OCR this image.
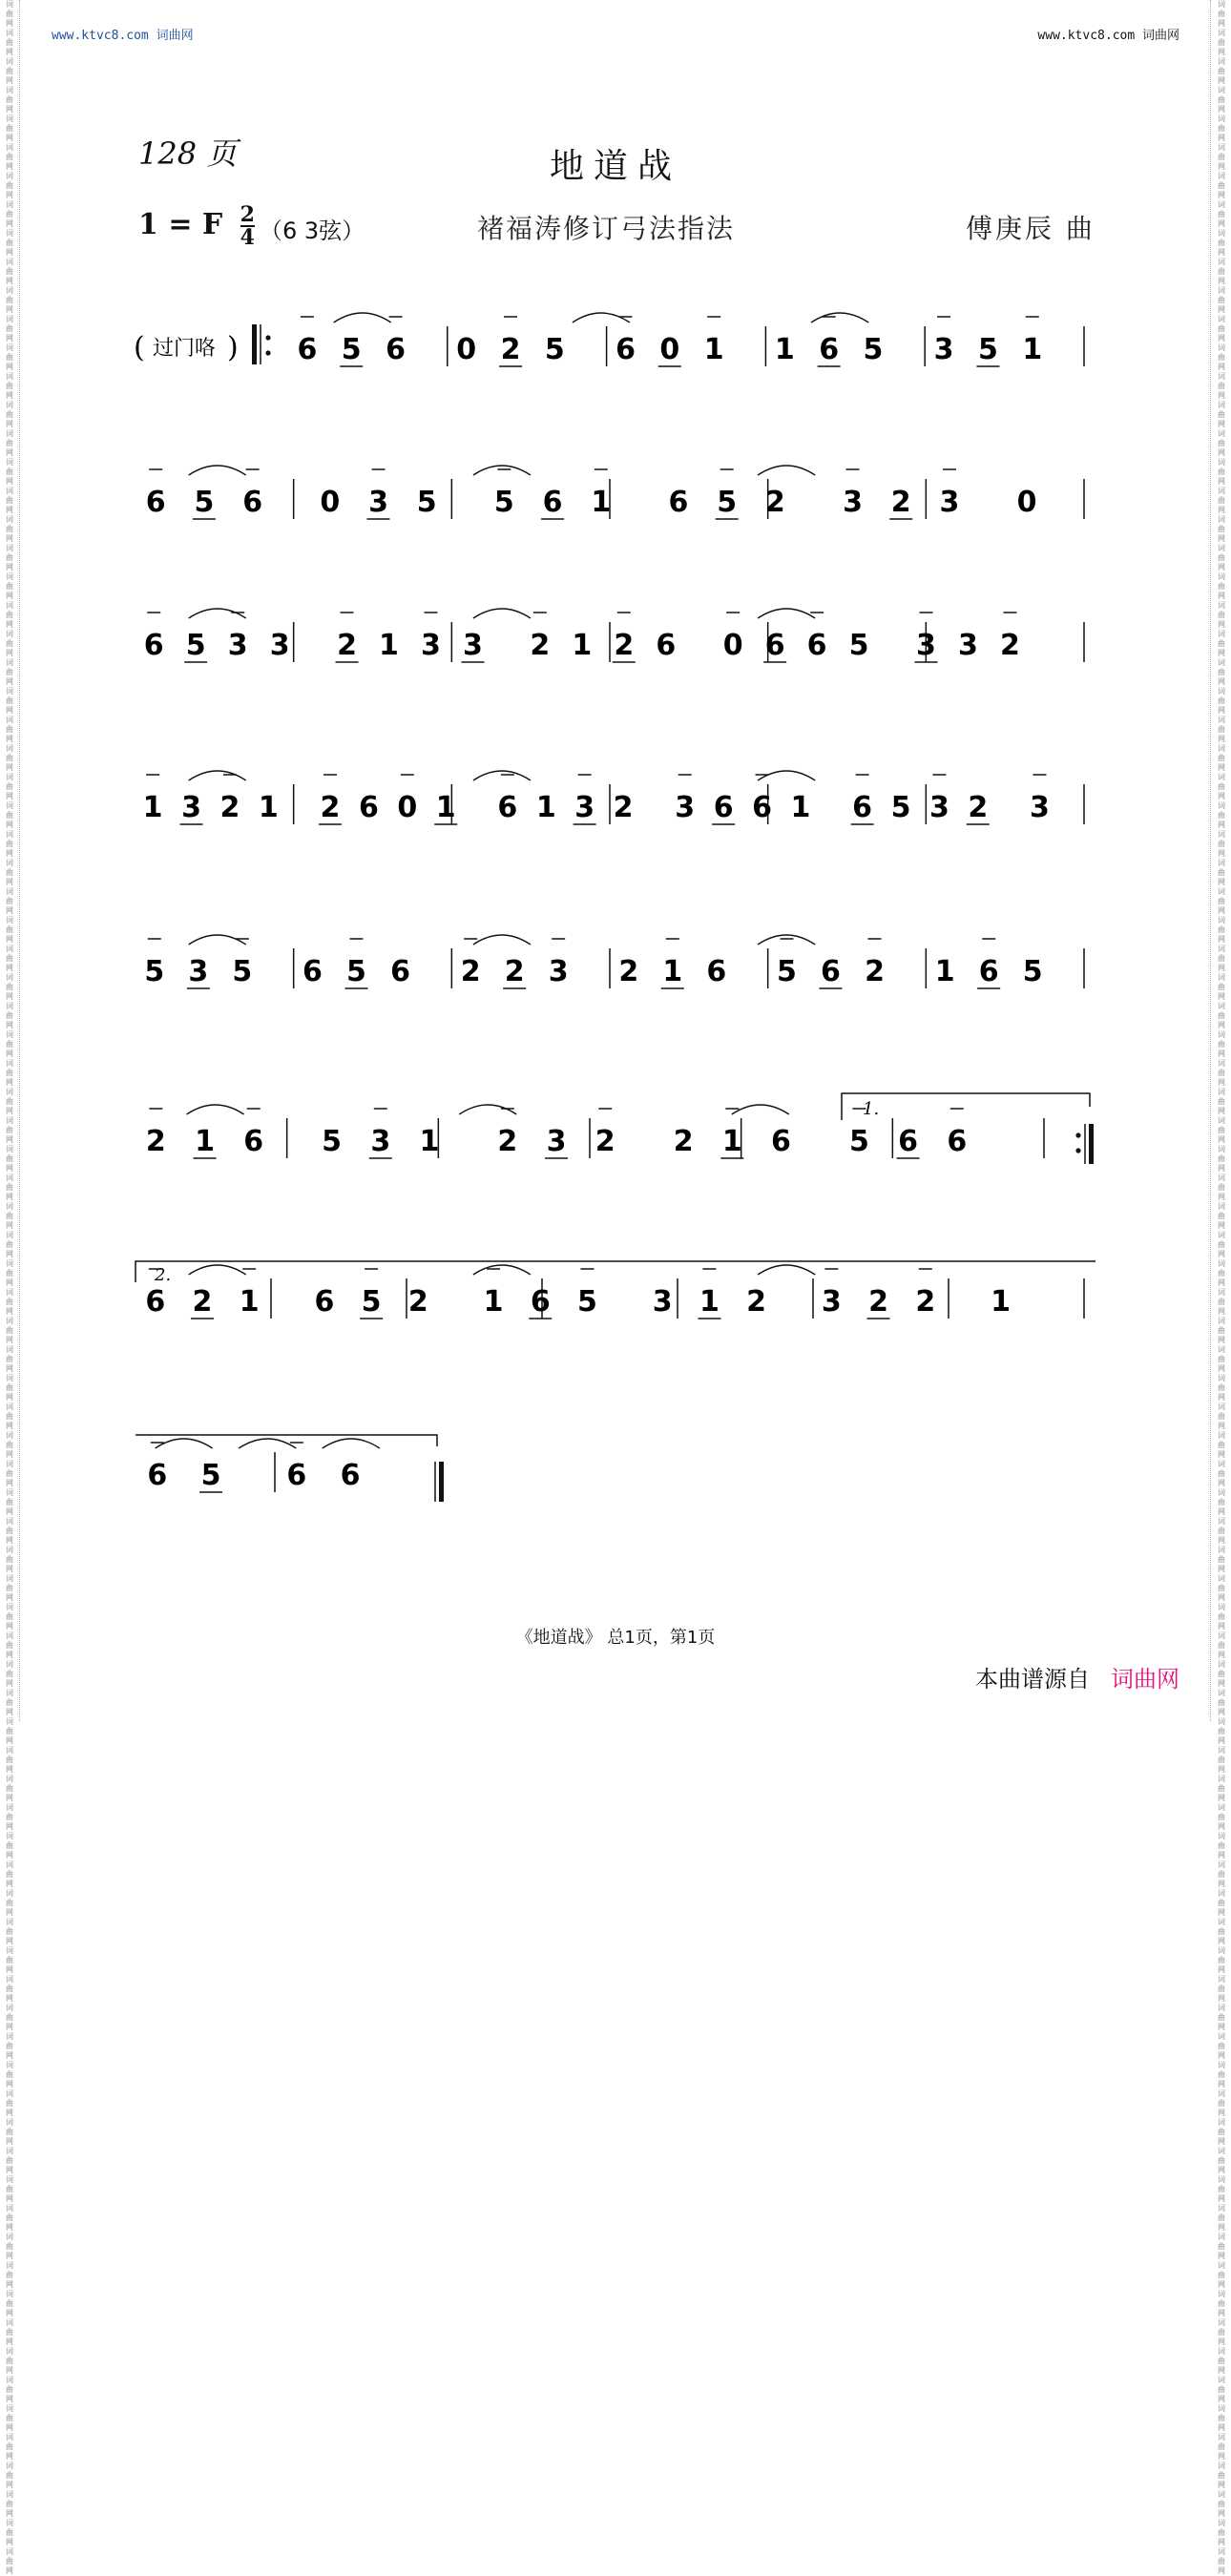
词
曲
网
词
曲
网
词
曲
网
词
曲
网
词
曲
网
词
曲
网
词
曲
网
词
曲
网
词
曲
网
词
曲
网
词
曲
网
词
曲
网
词
曲
网
词
曲
网
词
曲
网
词
曲
网
词
曲
网
词
曲
网
词
曲
网
词
曲
网
词
曲
网
词
曲
网
词
曲
网
词
曲
网
词
曲
网
词
曲
网
词
曲
网
词
曲
网
词
曲
网
词
曲
网
词
曲
网
词
曲
网
词
曲
网
词
曲
网
词
曲
网
词
曲
网
词
曲
网
词
曲
网
词
曲
网
词
曲
网
词
曲
网
词
曲
网
词
曲
网
词
曲
网
词
曲
网
词
曲
网
词
曲
网
词
曲
网
词
曲
网
词
曲
网
词
曲
网
词
曲
网
词
曲
网
词
曲
网
词
曲
网
词
曲
网
词
曲
网
词
曲
网
词
曲
网
词
曲
网
词
曲
网
词
曲
网
词
曲
网
词
曲
网
词
曲
网
词
曲
网
词
曲
网
词
曲
网
词
曲
网
词
曲
网
词
曲
网
词
曲
网
词
曲
网
词
曲
网
词
曲
网
词
曲
网
词
曲
网
词
曲
网
词
曲
网
词
曲
网
词
曲
网
词
曲
网
词
曲
网
词
曲
网
词
曲
网
词
曲
网
词
曲
网
词
曲
网
词
曲
网
词
曲
网
词
曲
网
词
曲
网
词
曲
网
词
曲
网
词
曲
网
词
曲
网
词
曲
网
词
曲
网
词
曲
网
词
曲
网
词
曲
网
词
曲
网
词
曲
网
词
曲
网
词
曲
网
词
曲
网
词
曲
网
词
曲
网
词
曲
网
词
曲
网
词
曲
网
词
曲
网
词
曲
网
词
曲
网
词
曲
网
词
曲
网
词
曲
网
词
曲
网
词
曲
网
词
曲
网
词
曲
网
词
曲
网
词
曲
网
词
曲
网
词
曲
网
词
曲
网
词
曲
网
词
曲
网
词
曲
网
词
曲
网
词
曲
网
词
曲
网
词
曲
网
词
曲
网
词
曲
网
词
曲
网
词
曲
网
词
曲
网
词
曲
网
词
曲
网
词
曲
网
词
曲
网
词
曲
网
词
曲
网
词
曲
网
词
曲
网
词
曲
网
词
曲
网
词
曲
网
词
曲
网
词
曲
网
词
曲
网
词
曲
网
词
曲
网
词
曲
网
词
曲
网
词
曲
网
词
曲
网
词
曲
网
词
曲
网
词
曲
网
词
曲
网
词
曲
网
词
曲
网
词
曲
网
词
曲
网
词
曲
网
词
曲
网
词
曲
网
词
曲
网
词
曲
网
词
曲
网
词
曲
网
词
曲
网
词
曲
网
词
曲
网
词
曲
网
词
曲
网
词
曲
网
词
曲
网
www.ktvc8.com 词曲网	www.ktvc8.com 词曲网
128 页	地道战
1 = F $\frac{2}{4} (6$ 3弦）	褚福涛修订弓法指法	傅庚辰 曲
( 过门咯 )
1.
2.
6 5 6 0 2 5 6 0 1 1 6 5 3 5 1
6 5 6 0 3 5 5 6 1 6 5 2 3 2 3 0
6 5 3 3 2 1 3 3 2 1 2 6 0 6 6 5 3 3 2
1 3 2 1 2 6 0 1 6 1 3 2 3 6 6 1 6 5 3 2 3
5 3 5 6 5 6 2 2 3 2 1 6 5 6 2 1 6 5
2 1 6 5 3 1 2 3 2 2 1 6 5 6 6
6 2 1 6 5 2 1 6 5 3 1 2 3 2 2 1
6 5 6 6
《地道战》 总1页，第1页
本曲谱源自 词曲网
